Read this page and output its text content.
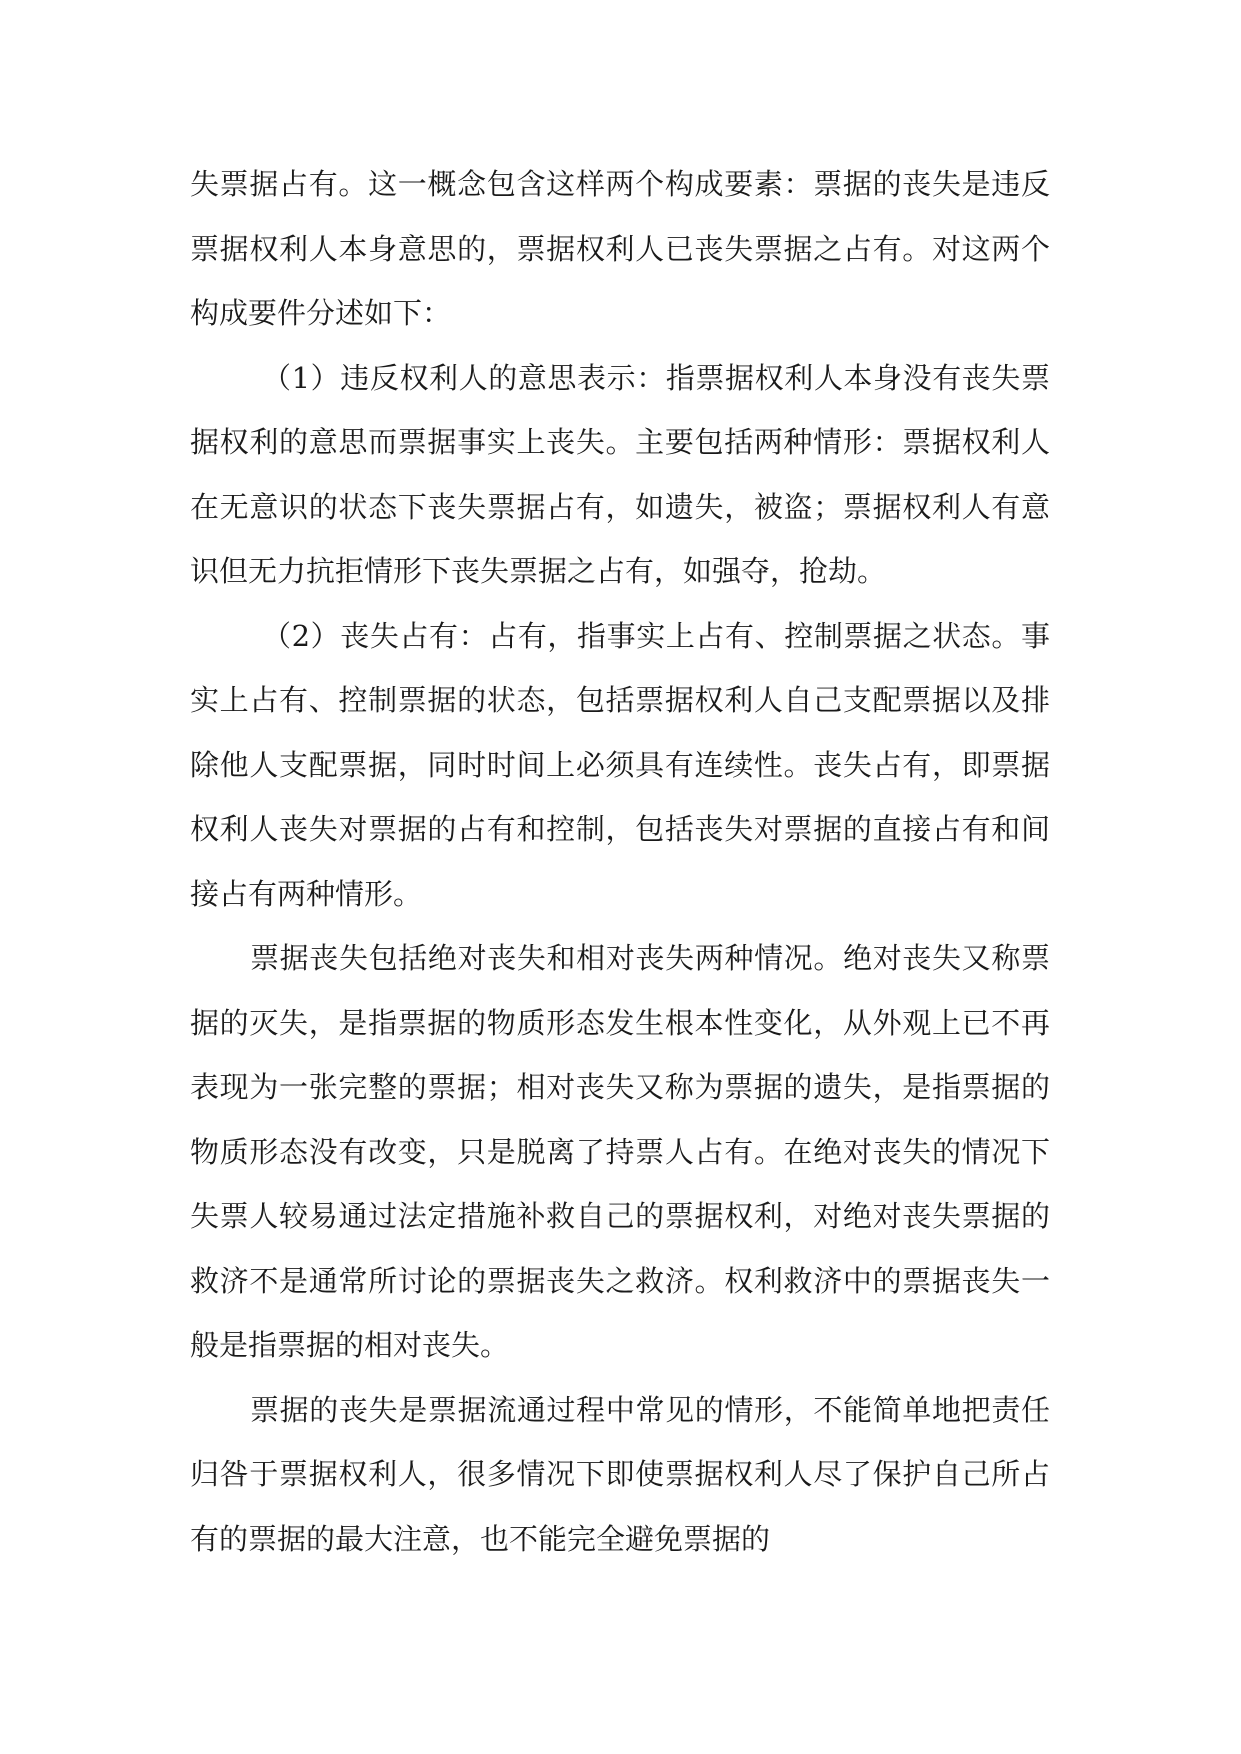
失票据占有。这一概念包含这样两个构成要素：票据的丧失是违反票据权利人本身意思的，票据权利人已丧失票据之占有。对这两个构成要件分述如下：

（1）违反权利人的意思表示：指票据权利人本身没有丧失票据权利的意思而票据事实上丧失。主要包括两种情形：票据权利人在无意识的状态下丧失票据占有，如遗失，被盗；票据权利人有意识但无力抗拒情形下丧失票据之占有，如强夺，抢劫。

（2）丧失占有：占有，指事实上占有、控制票据之状态。事实上占有、控制票据的状态，包括票据权利人自己支配票据以及排除他人支配票据，同时时间上必须具有连续性。丧失占有，即票据权利人丧失对票据的占有和控制，包括丧失对票据的直接占有和间接占有两种情形。

票据丧失包括绝对丧失和相对丧失两种情况。绝对丧失又称票据的灭失，是指票据的物质形态发生根本性变化，从外观上已不再表现为一张完整的票据；相对丧失又称为票据的遗失，是指票据的物质形态没有改变，只是脱离了持票人占有。在绝对丧失的情况下失票人较易通过法定措施补救自己的票据权利，对绝对丧失票据的救济不是通常所讨论的票据丧失之救济。权利救济中的票据丧失一般是指票据的相对丧失。

票据的丧失是票据流通过程中常见的情形，不能简单地把责任归咎于票据权利人，很多情况下即使票据权利人尽了保护自己所占有的票据的最大注意，也不能完全避免票据的
